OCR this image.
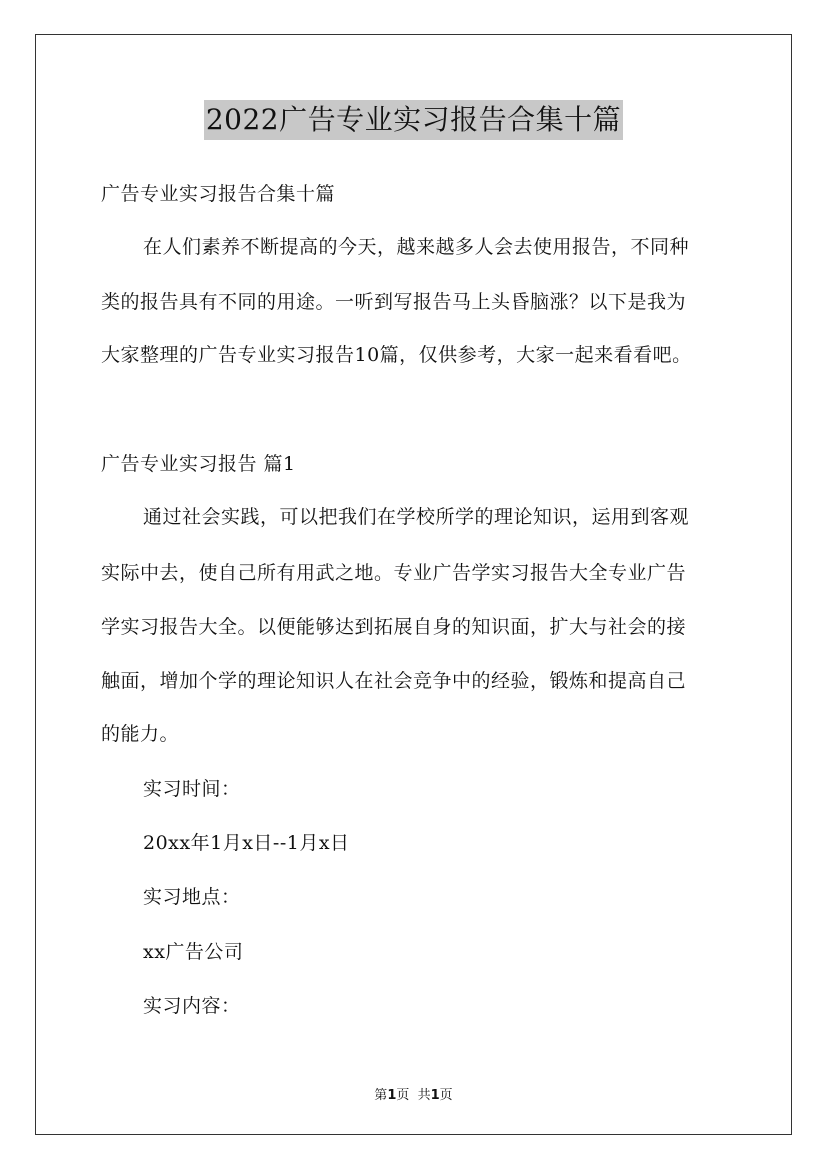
2022广告专业实习报告合集十篇
广告专业实习报告合集十篇
在人们素养不断提高的今天，越来越多人会去使用报告，不同种
类的报告具有不同的用途。一听到写报告马上头昏脑涨？以下是我为
大家整理的广告专业实习报告10篇，仅供参考，大家一起来看看吧。
广告专业实习报告 篇1
通过社会实践，可以把我们在学校所学的理论知识，运用到客观
实际中去，使自己所有用武之地。专业广告学实习报告大全专业广告
学实习报告大全。以便能够达到拓展自身的知识面，扩大与社会的接
触面，增加个学的理论知识人在社会竞争中的经验，锻炼和提高自己
的能力。
实习时间：
20xx年1月x日--1月x日
实习地点：
xx广告公司
实习内容：
第1页  共1页
